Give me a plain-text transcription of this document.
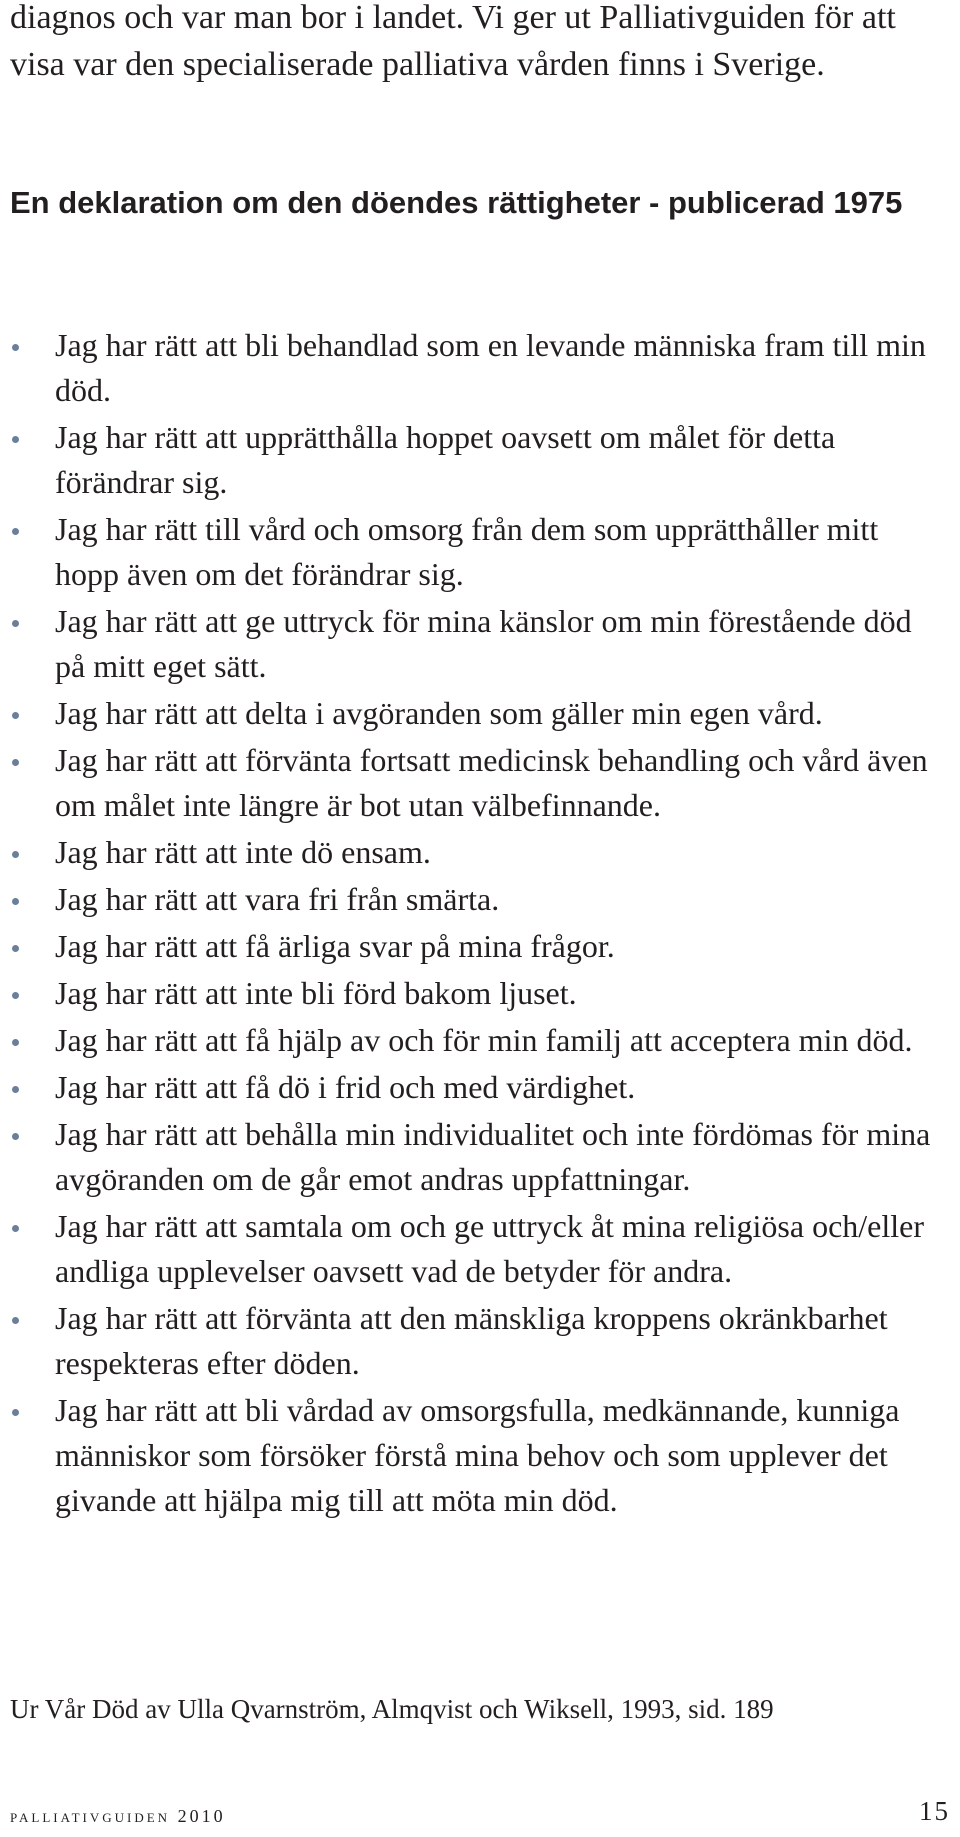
diagnos och var man bor i landet. Vi ger ut Palliativguiden för att visa var den specialiserade palliativa vården finns i Sverige.

En deklaration om den döendes rättigheter - publicerad 1975
Jag har rätt att bli behandlad som en levande människa fram till min död.
Jag har rätt att upprätthålla hoppet oavsett om målet för detta förändrar sig.
Jag har rätt till vård och omsorg från dem som upprätthåller mitt hopp även om det förändrar sig.
Jag har rätt att ge uttryck för mina känslor om min förestående död på mitt eget sätt.
Jag har rätt att delta i avgöranden som gäller min egen vård.
Jag har rätt att förvänta fortsatt medicinsk behandling och vård även om målet inte längre är bot utan välbefinnande.
Jag har rätt att inte dö ensam.
Jag har rätt att vara fri från smärta.
Jag har rätt att få ärliga svar på mina frågor.
Jag har rätt att inte bli förd bakom ljuset.
Jag har rätt att få hjälp av och för min familj att acceptera min död.
Jag har rätt att få dö i frid och med värdighet.
Jag har rätt att behålla min individualitet och inte fördömas för mina avgöranden om de går emot andras uppfattningar.
Jag har rätt att samtala om och ge uttryck åt mina religiösa och/eller andliga upplevelser oavsett vad de betyder för andra.
Jag har rätt att förvänta att den mänskliga kroppens okränkbarhet respekteras efter döden.
Jag har rätt att bli vårdad av omsorgsfulla, medkännande, kunniga människor som försöker förstå mina behov och som upplever det givande att hjälpa mig till att möta min död.

Ur Vår Död av Ulla Qvarnström, Almqvist och Wiksell, 1993, sid. 189

palliativguiden 2010	15
